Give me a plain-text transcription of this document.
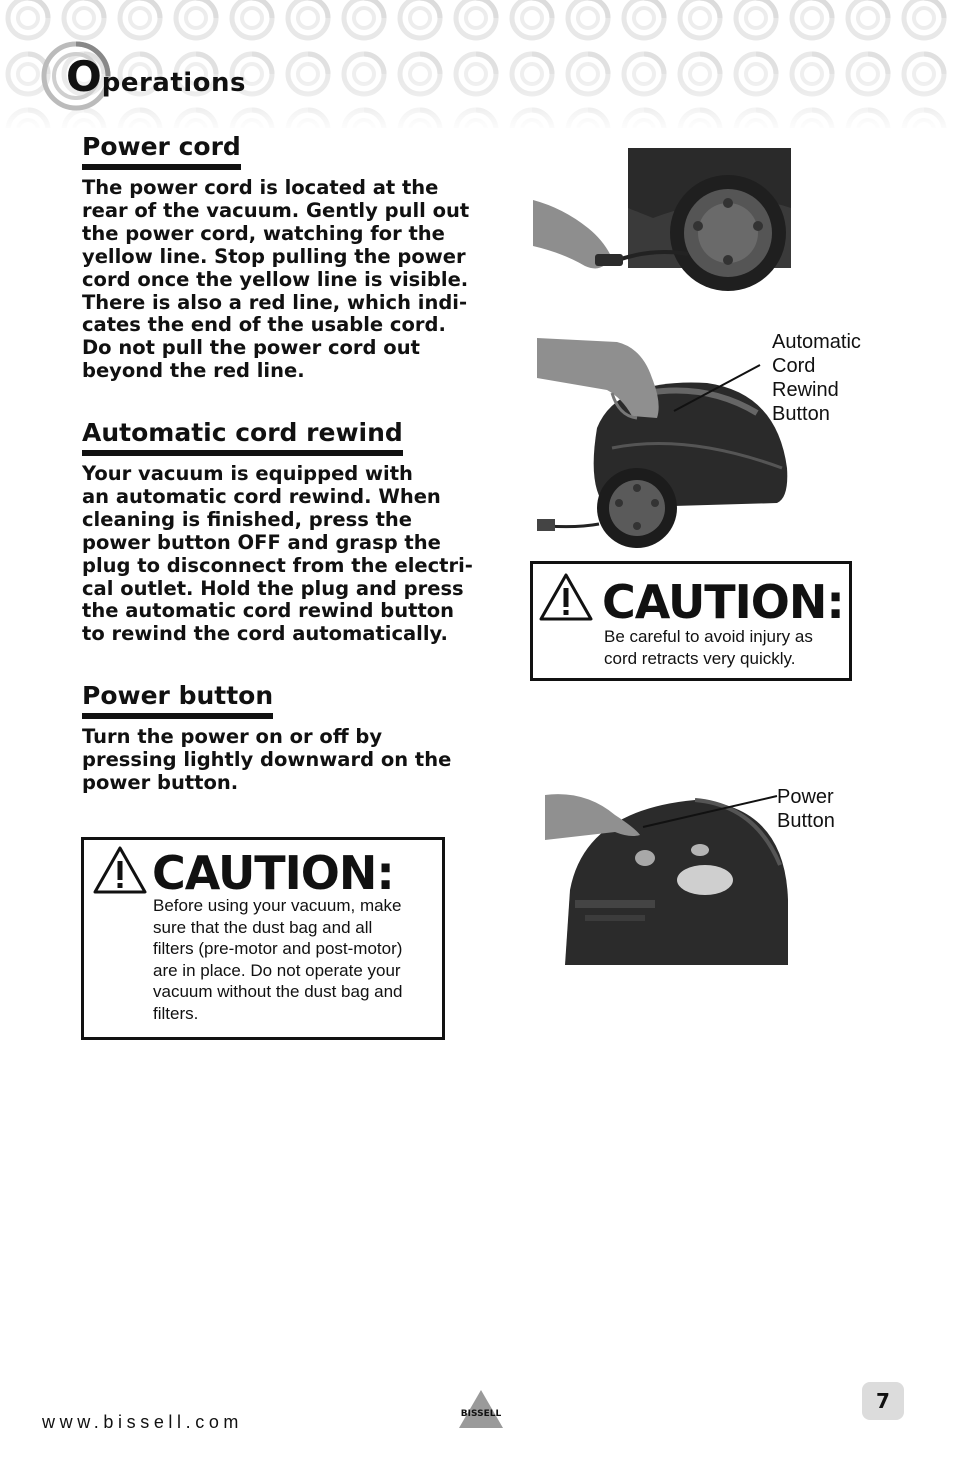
Operations
Power cord
The power cord is located at the
rear of the vacuum. Gently pull out
the power cord, watching for the
yellow line. Stop pulling the power
cord once the yellow line is visible.
There is also a red line, which indi-
cates the end of the usable cord.
Do not pull the power cord out
beyond the red line.
Automatic cord rewind
Your vacuum is equipped with
an automatic cord rewind. When
cleaning is finished, press the
power button OFF and grasp the
plug to disconnect from the electri-
cal outlet. Hold the plug and press
the automatic cord rewind button
to rewind the cord automatically.
Power button
Turn the power on or off by
pressing lightly downward on the
power button.
CAUTION:
Before using your vacuum, make
sure that the dust bag and all
filters (pre-motor and post-motor)
are in place. Do not operate your
vacuum without the dust bag and
filters.
Automatic
Cord
Rewind
Button
CAUTION:
Be careful to avoid injury as
cord retracts very quickly.
Power
Button
www.bissell.com	BISSELL
7
